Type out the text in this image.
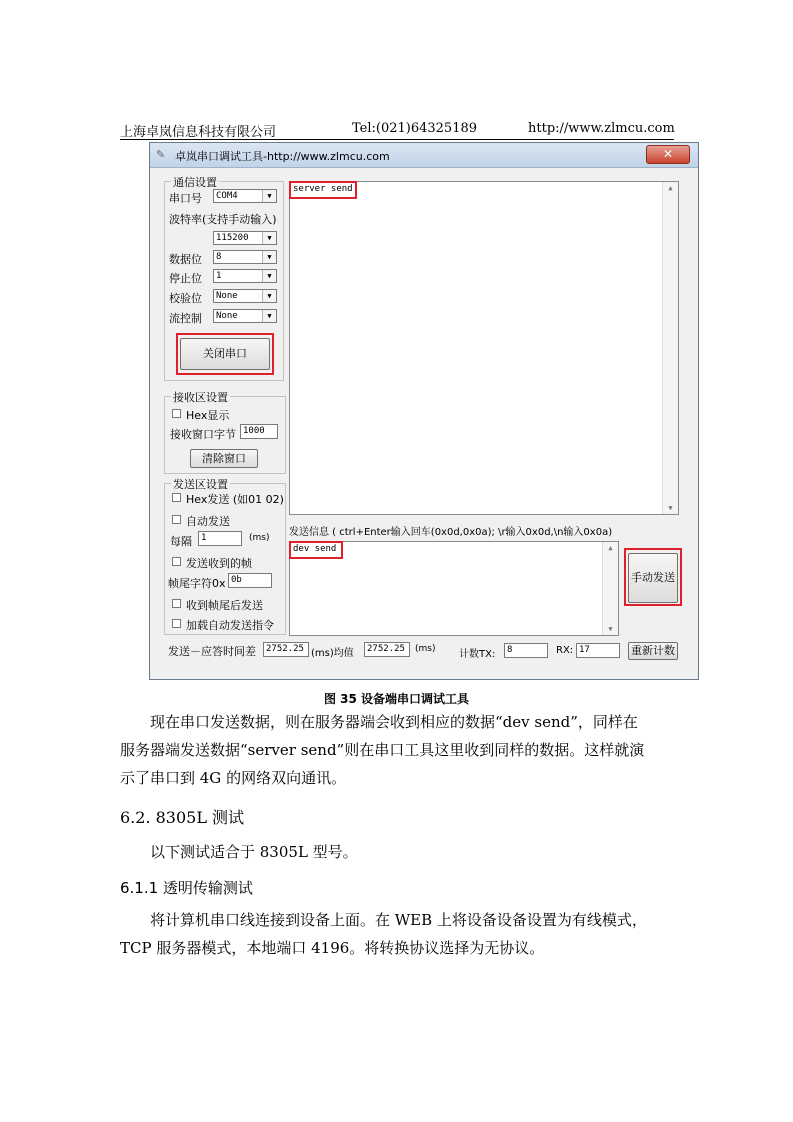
上海卓岚信息科技有限公司	Tel:(021)64325189	http://www.zlmcu.com
✎ 卓岚串口调试工具-http://www.zlmcu.com	✕
通信设置
串口号	COM4	▼
波特率(支持手动输入)
115200	▼
数据位	8	▼
停止位	1	▼
校验位	None	▼
流控制	None	▼
关闭串口
接收区设置
Hex显示
接收窗口字节 1000
清除窗口
发送区设置
Hex发送 (如01 02)
自动发送
每隔	1	(ms)
发送收到的帧
帧尾字符0x 0b
收到帧尾后发送
加载自动发送指令
server send	▲
▼
发送信息 ( ctrl+Enter输入回车(0x0d,0x0a); \r输入0x0d,\n输入0x0a)
dev send	▲
▼
手动发送
发送－应答时间差	2752.25 (ms)均值	2752.25	(ms) 计数TX:	8	RX: 17	重新计数
图 35 设备端串口调试工具
现在串口发送数据，则在服务器端会收到相应的数据“dev send”，同样在
服务器端发送数据“server send”则在串口工具这里收到同样的数据。这样就演
示了串口到 4G 的网络双向通讯。
6.2. 8305L 测试
以下测试适合于 8305L 型号。
6.1.1 透明传输测试
将计算机串口线连接到设备上面。在 WEB 上将设备设备设置为有线模式，
TCP 服务器模式，本地端口 4196。将转换协议选择为无协议。
